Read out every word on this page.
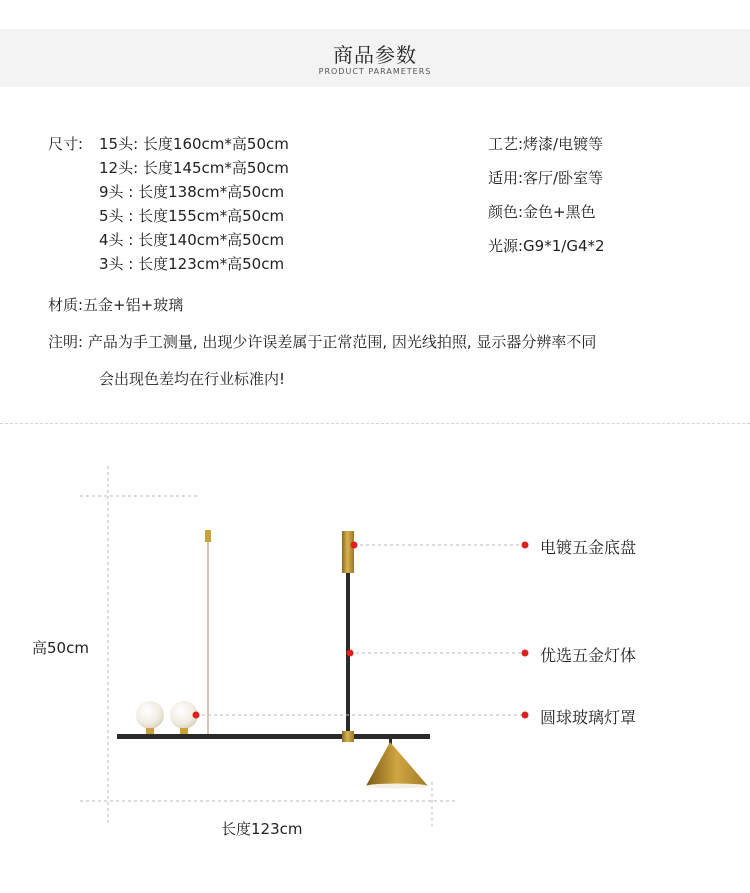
商品参数
PRODUCT PARAMETERS
尺寸: 15头: 长度160cm*高50cm
12头: 长度145cm*高50cm
9头 : 长度138cm*高50cm
5头 : 长度155cm*高50cm
4头 : 长度140cm*高50cm
3头 : 长度123cm*高50cm
工艺:烤漆/电镀等
适用:客厅/卧室等
颜色:金色+黑色
光源:G9*1/G4*2
材质:五金+铝+玻璃
注明: 产品为手工测量, 出现少许误差属于正常范围, 因光线拍照, 显示器分辨率不同
会出现色差均在行业标准内!
电镀五金底盘
优选五金灯体
圆球玻璃灯罩
高50cm
长度123cm
